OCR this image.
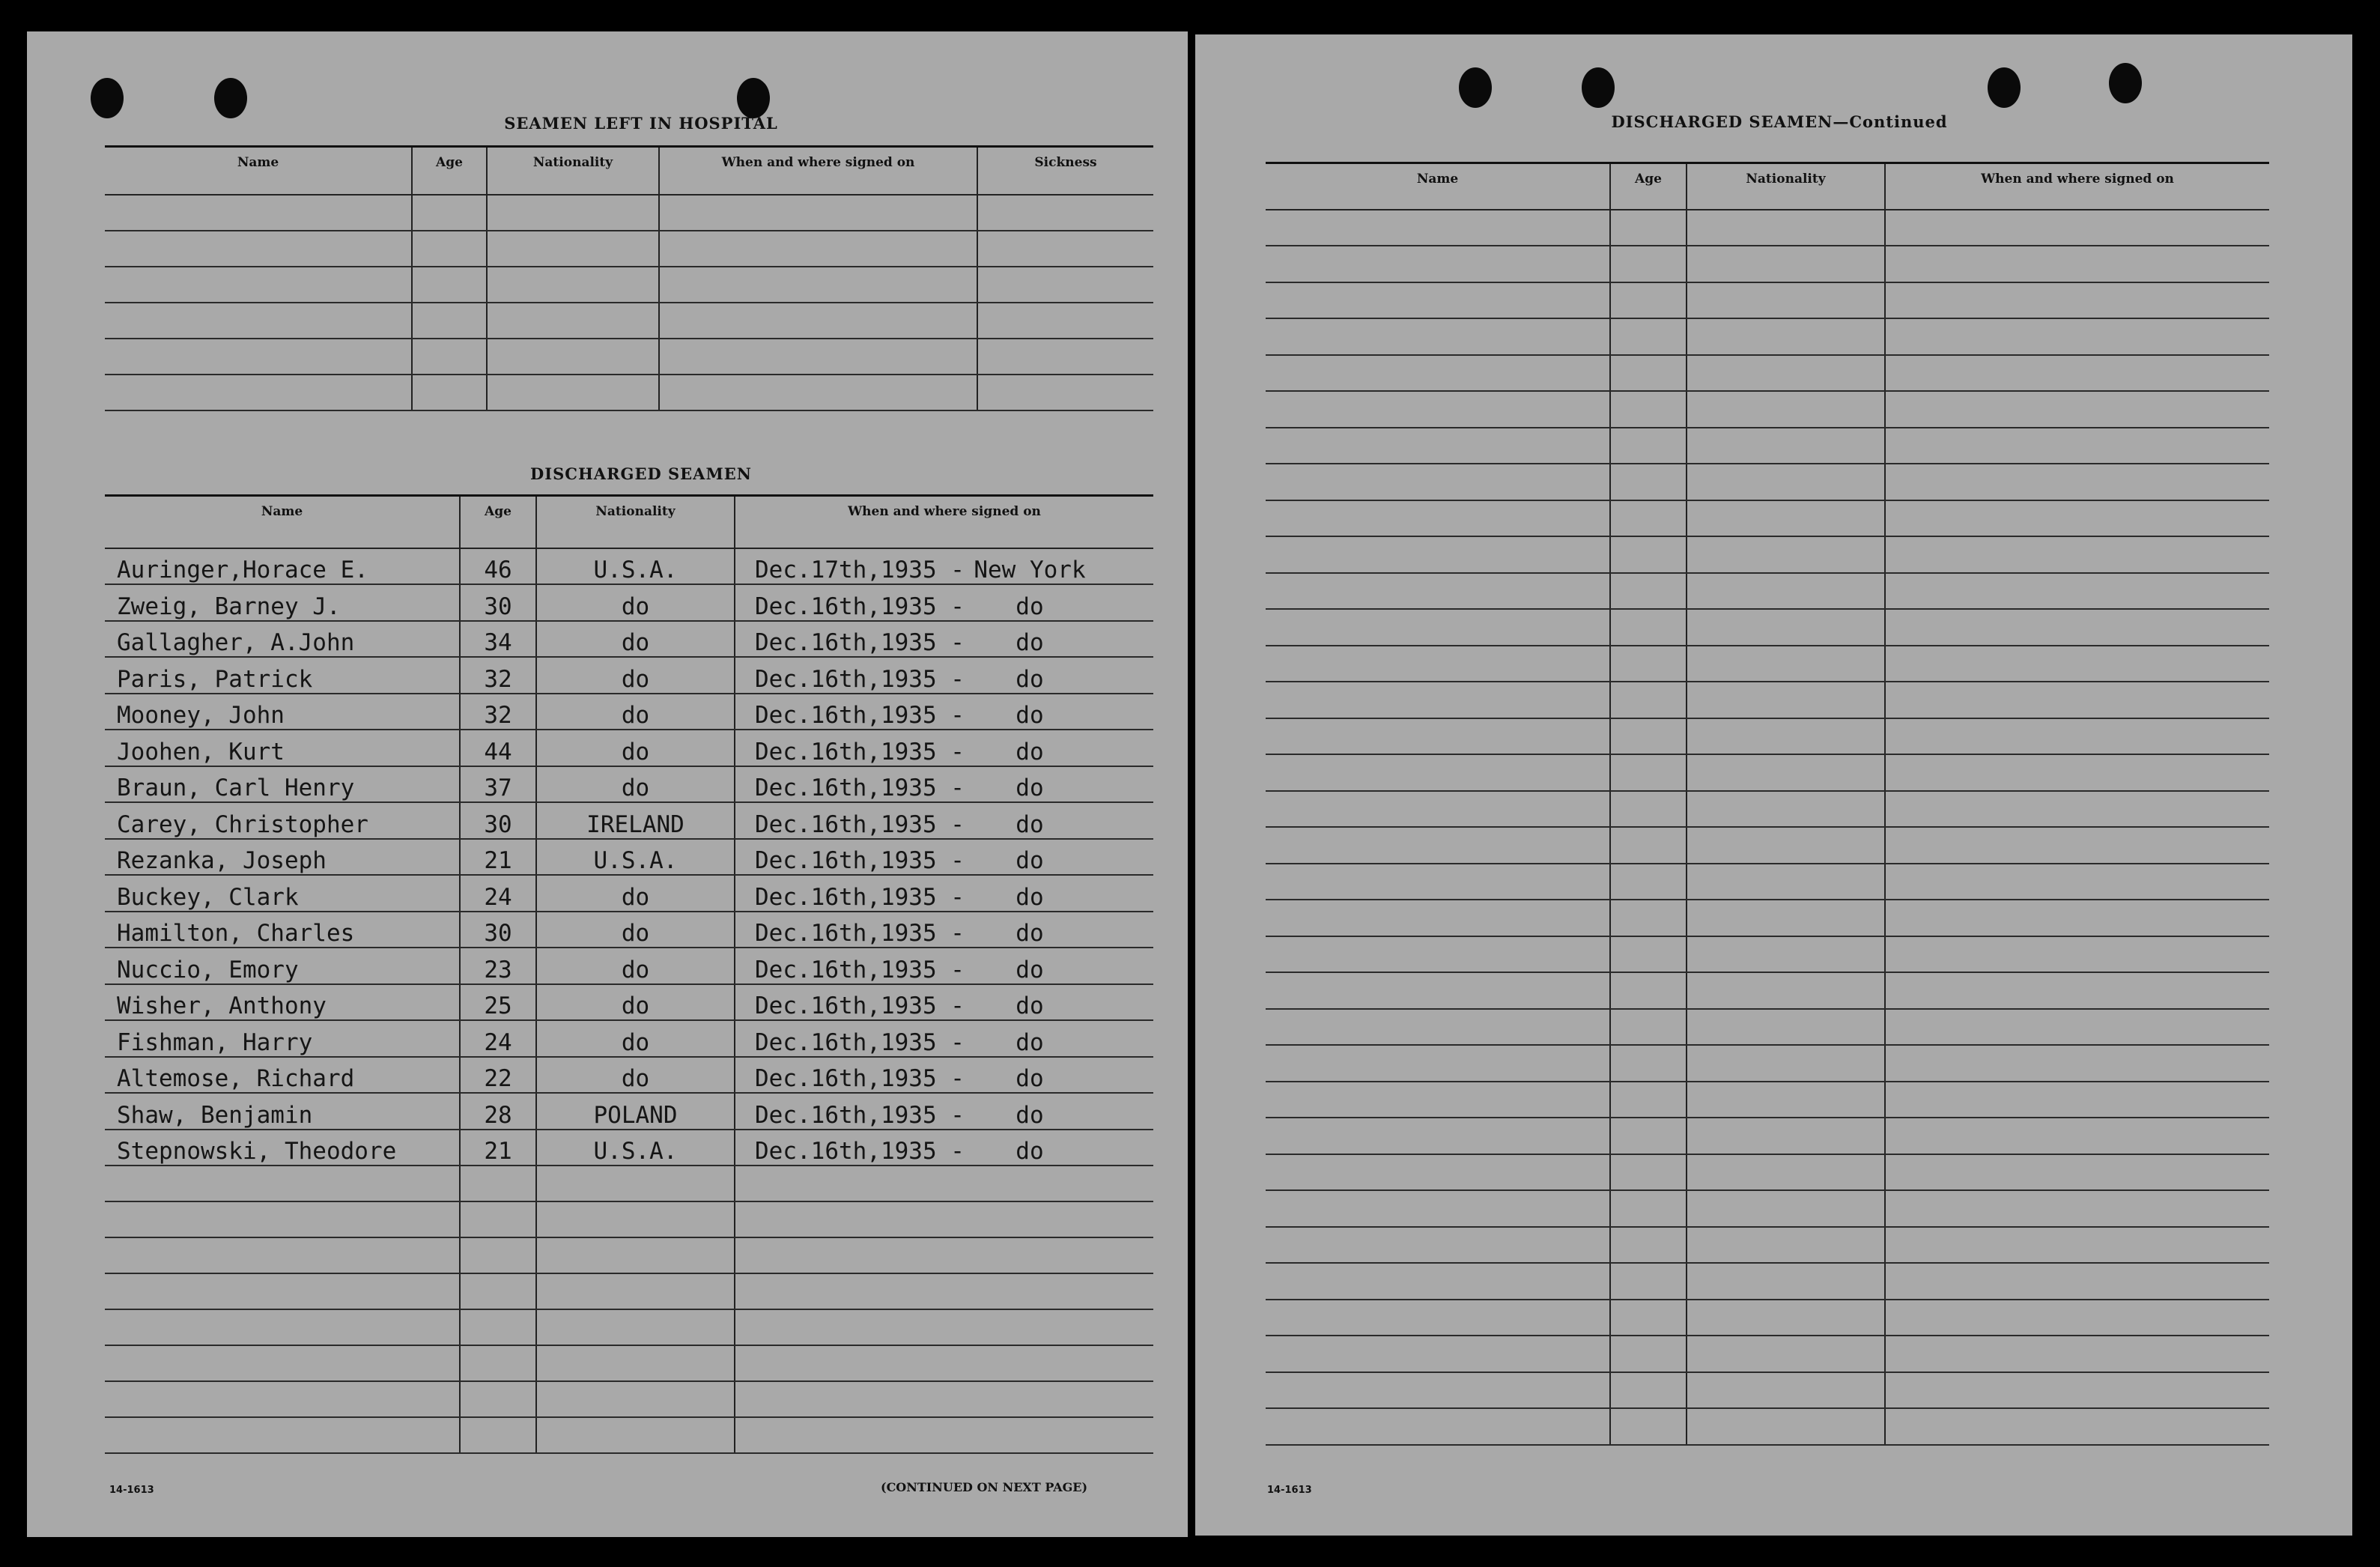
SEAMEN LEFT IN HOSPITAL
Name	Age	Nationality	When and where signed on	Sickness

DISCHARGED SEAMEN
Name	Age	Nationality	When and where signed on
Auringer,Horace E.	46	U.S.A.	Dec.17th,1935 - New York
Zweig, Barney J.	30	do	Dec.16th,1935 - do
Gallagher, A.John	34	do	Dec.16th,1935 - do
Paris, Patrick	32	do	Dec.16th,1935 - do
Mooney, John	32	do	Dec.16th,1935 - do
Joohen, Kurt	44	do	Dec.16th,1935 - do
Braun, Carl Henry	37	do	Dec.16th,1935 - do
Carey, Christopher	30	IRELAND	Dec.16th,1935 - do
Rezanka, Joseph	21	U.S.A.	Dec.16th,1935 - do
Buckey, Clark	24	do	Dec.16th,1935 - do
Hamilton, Charles	30	do	Dec.16th,1935 - do
Nuccio, Emory	23	do	Dec.16th,1935 - do
Wisher, Anthony	25	do	Dec.16th,1935 - do
Fishman, Harry	24	do	Dec.16th,1935 - do
Altemose, Richard	22	do	Dec.16th,1935 - do
Shaw, Benjamin	28	POLAND	Dec.16th,1935 - do
Stepnowski, Theodore	21	U.S.A.	Dec.16th,1935 - do

14-1613	(CONTINUED ON NEXT PAGE)
DISCHARGED SEAMEN—Continued
Name	Age	Nationality	When and where signed on

14-1613
